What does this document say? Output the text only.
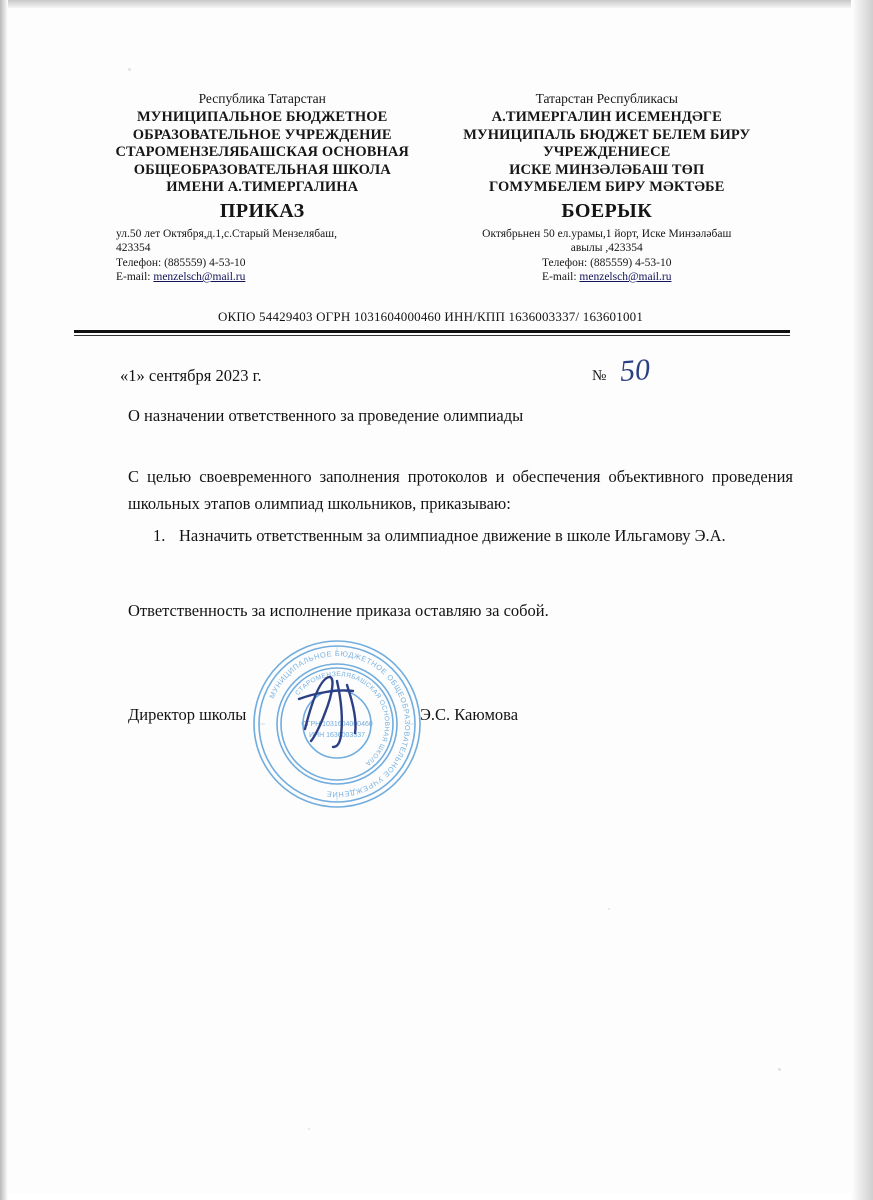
Республика Татарстан
МУНИЦИПАЛЬНОЕ БЮДЖЕТНОЕ
ОБРАЗОВАТЕЛЬНОЕ УЧРЕЖДЕНИЕ
СТАРОМЕНЗЕЛЯБАШСКАЯ ОСНОВНАЯ
ОБЩЕОБРАЗОВАТЕЛЬНАЯ ШКОЛА
ИМЕНИ А.ТИМЕРГАЛИНА
ПРИКАЗ
ул.50 лет Октября,д.1,с.Старый Мензелябаш,
423354
Телефон: (885559) 4-53-10
E-mail: menzelsch@mail.ru
Татарстан Республикасы
А.ТИМЕРГАЛИН ИСЕМЕНДӘГЕ
МУНИЦИПАЛЬ БЮДЖЕТ БЕЛЕМ БИРУ
УЧРЕЖДЕНИЕСЕ
ИСКЕ МИНЗӘЛӘБАШ ТӨП
ГОМУМБЕЛЕМ БИРУ МӘКТӘБЕ
БОЕРЫК
Октябрьнен 50 ел.урамы,1 йорт, Иске Минзәләбаш
авылы ,423354
Телефон: (885559) 4-53-10
E-mail: menzelsch@mail.ru
ОКПО 54429403 ОГРН 1031604000460 ИНН/КПП 1636003337/ 163601001
«1» сентября 2023 г.	№ 50
О назначении ответственного за проведение олимпиады
С целью своевременного заполнения протоколов и обеспечения объективного проведения школьных этапов олимпиад школьников, приказываю:
1. Назначить ответственным за олимпиадное движение в школе Ильгамову Э.А.
Ответственность за исполнение приказа оставляю за собой.
Директор школы	Э.С. Каюмова
МУНИЦИПАЛЬНОЕ БЮДЖЕТНОЕ ОБЩЕОБРАЗОВАТЕЛЬНОЕ УЧРЕЖДЕНИЕ
СТАРОМЕНЗЕЛЯБАШСКАЯ ОСНОВНАЯ ШКОЛА
ОГРН 1031604000460
ИНН 1636003337
